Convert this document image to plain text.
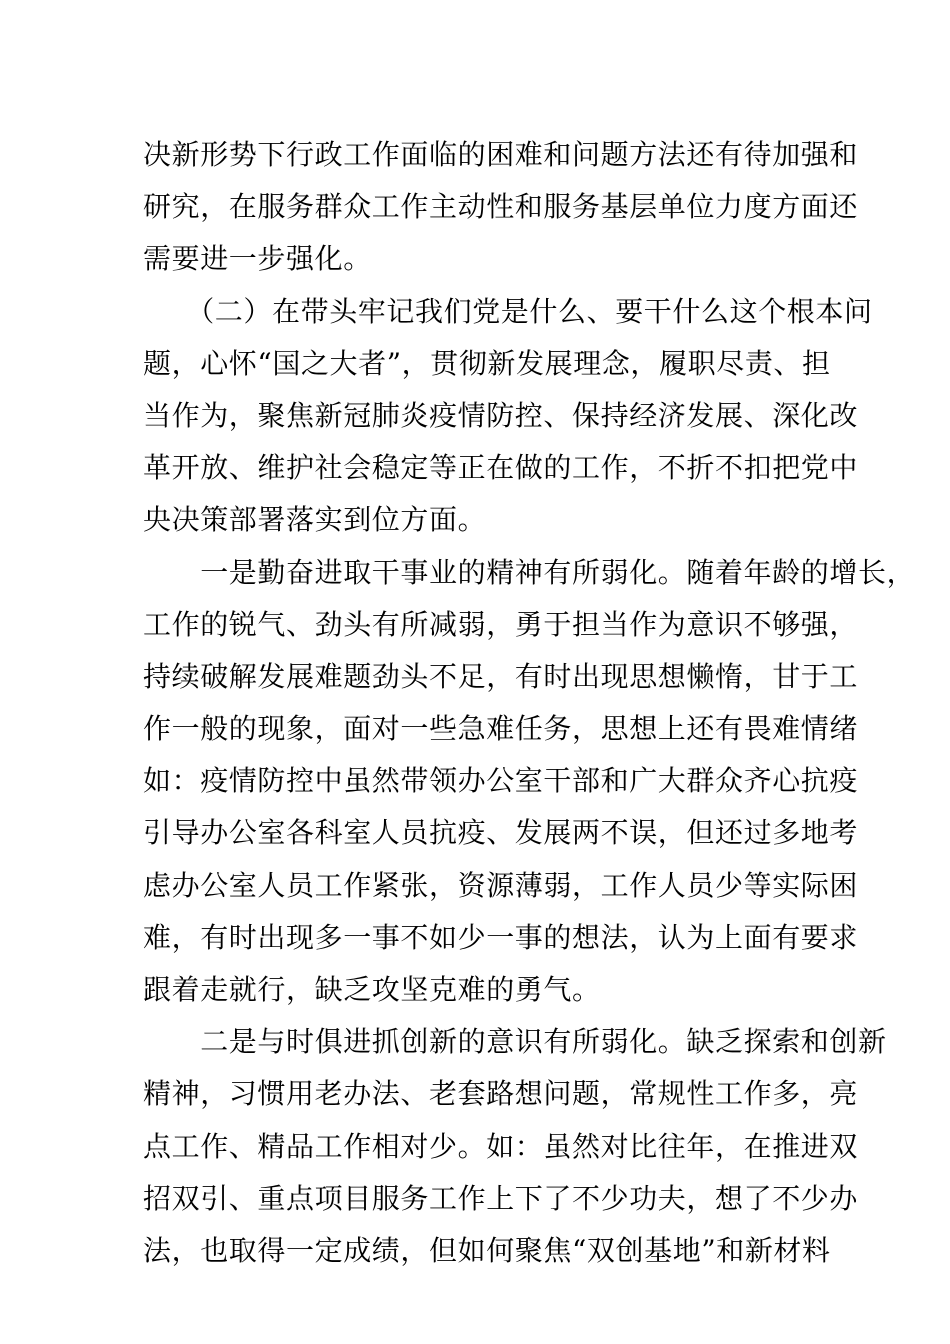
决新形势下行政工作面临的困难和问题方法还有待加强和
研究，在服务群众工作主动性和服务基层单位力度方面还
需要进一步强化。
　　（二）在带头牢记我们党是什么、要干什么这个根本问
题，心怀“国之大者”，贯彻新发展理念，履职尽责、担
当作为，聚焦新冠肺炎疫情防控、保持经济发展、深化改
革开放、维护社会稳定等正在做的工作，不折不扣把党中
央决策部署落实到位方面。
　　一是勤奋进取干事业的精神有所弱化。随着年龄的增长，
工作的锐气、劲头有所减弱，勇于担当作为意识不够强，
持续破解发展难题劲头不足，有时出现思想懒惰，甘于工
作一般的现象，面对一些急难任务，思想上还有畏难情绪
如：疫情防控中虽然带领办公室干部和广大群众齐心抗疫
引导办公室各科室人员抗疫、发展两不误，但还过多地考
虑办公室人员工作紧张，资源薄弱，工作人员少等实际困
难，有时出现多一事不如少一事的想法，认为上面有要求
跟着走就行，缺乏攻坚克难的勇气。
　　二是与时俱进抓创新的意识有所弱化。缺乏探索和创新
精神，习惯用老办法、老套路想问题，常规性工作多，亮
点工作、精品工作相对少。如：虽然对比往年，在推进双
招双引、重点项目服务工作上下了不少功夫，想了不少办
法，也取得一定成绩，但如何聚焦“双创基地”和新材料
